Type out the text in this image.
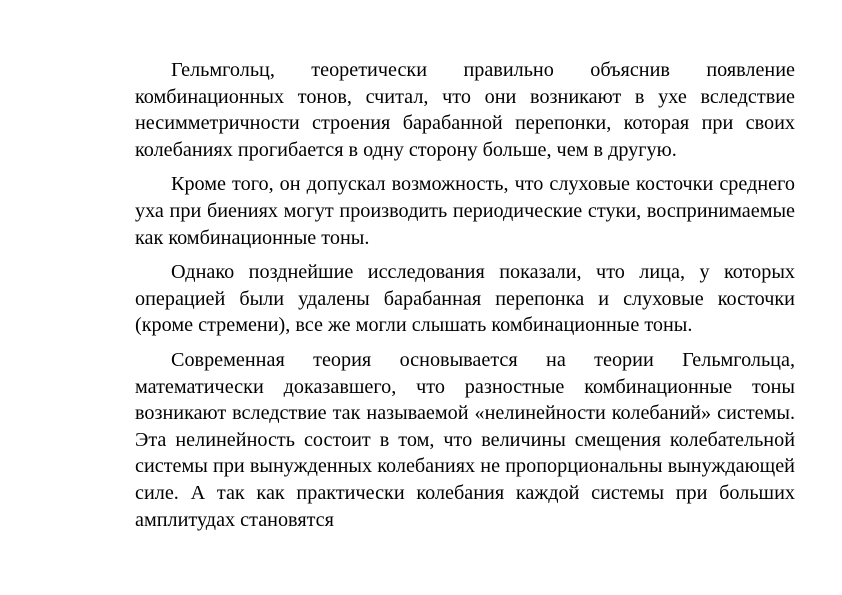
Гельмгольц, теоретически правильно объяснив появление комбинационных тонов, считал, что они возникают в ухе вследствие несимметричности строения барабанной перепонки, которая при своих колебаниях прогибается в одну сторону больше, чем в другую.

Кроме того, он допускал возможность, что слуховые косточки среднего уха при биениях могут производить периодические стуки, воспринимаемые как комбинационные тоны.

Однако позднейшие исследования показали, что лица, у которых операцией были удалены барабанная перепонка и слуховые косточки (кроме стремени), все же могли слышать комбинационные тоны.

Современная теория основывается на теории Гельмгольца, математически доказавшего, что разностные комбинационные тоны возникают вследствие так называемой «нелинейности колебаний» системы. Эта нелинейность состоит в том, что величины смещения колебательной системы при вынужденных колебаниях не пропорциональны вынуждающей силе. А так как практически колебания каждой системы при больших амплитудах становятся
